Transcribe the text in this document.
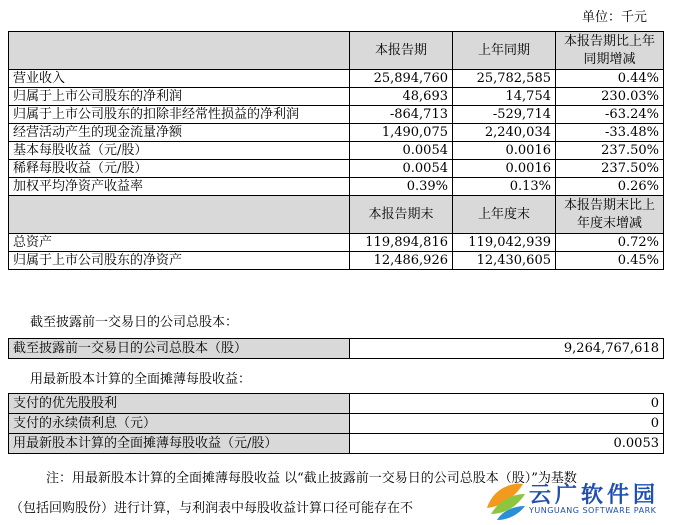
单位：千元
	本报告期	上年同期	本报告期比上年同期增减
营业收入	25,894,760	25,782,585	0.44%
归属于上市公司股东的净利润	48,693	14,754	230.03%
归属于上市公司股东的扣除非经常性损益的净利润	-864,713	-529,714	-63.24%
经营活动产生的现金流量净额	1,490,075	2,240,034	-33.48%
基本每股收益（元/股）	0.0054	0.0016	237.50%
稀释每股收益（元/股）	0.0054	0.0016	237.50%
加权平均净资产收益率	0.39%	0.13%	0.26%
	本报告期末	上年度末	本报告期末比上年度末增减
总资产	119,894,816	119,042,939	0.72%
归属于上市公司股东的净资产	12,486,926	12,430,605	0.45%
截至披露前一交易日的公司总股本：
截至披露前一交易日的公司总股本（股）	9,264,767,618
用最新股本计算的全面摊薄每股收益：
支付的优先股股利	0
支付的永续债利息（元）	0
用最新股本计算的全面摊薄每股收益（元/股）	0.0053
注：用最新股本计算的全面摊薄每股收益 以“截止披露前一交易日的公司总股本（股）”为基数
（包括回购股份）进行计算，与利润表中每股收益计算口径可能存在不
云广软件园
YUNGUANG SOFTWARE PARK
